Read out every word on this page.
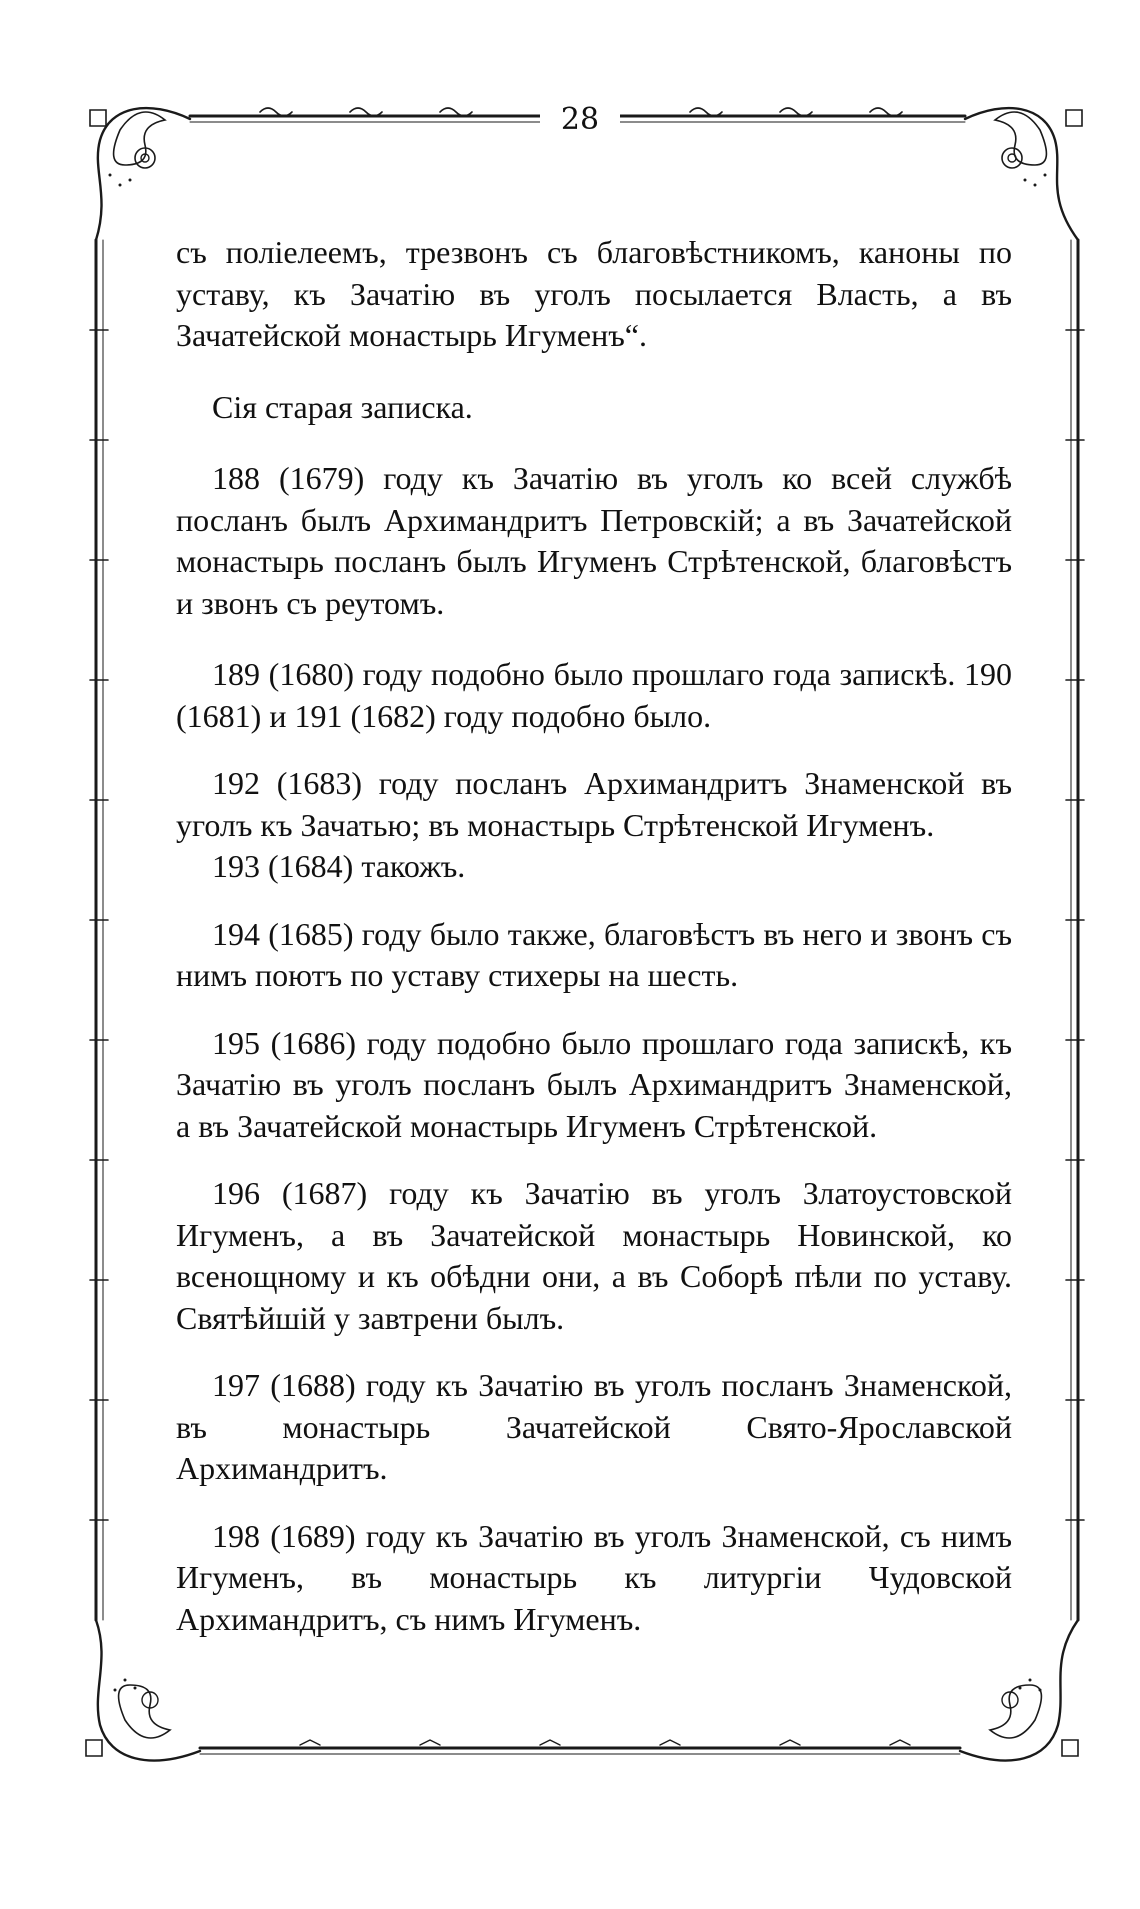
28

съ поліелеемъ, трезвонъ съ благовѣстникомъ, каноны по уставу, къ Зачатію въ уголъ посылается Власть, а въ Зачатейской монастырь Игуменъ“.

Сія старая записка.

188 (1679) году къ Зачатію въ уголъ ко всей службѣ посланъ былъ Архимандритъ Петровскій; а въ Зачатейской монастырь посланъ былъ Игуменъ Стрѣтенской, благовѣстъ и звонъ съ реутомъ.

189 (1680) году подобно было прошлаго года запискѣ. 190 (1681) и 191 (1682) году подобно было.

192 (1683) году посланъ Архимандритъ Знаменской въ уголъ къ Зачатью; въ монастырь Стрѣтенской Игуменъ.

193 (1684) такожъ.

194 (1685) году было также, благовѣстъ въ него и звонъ съ нимъ поютъ по уставу стихеры на шесть.

195 (1686) году подобно было прошлаго года запискѣ, къ Зачатію въ уголъ посланъ былъ Архимандритъ Знаменской, а въ Зачатейской монастырь Игуменъ Стрѣтенской.

196 (1687) году къ Зачатію въ уголъ Златоустовской Игуменъ, а въ Зачатейской монастырь Новинской, ко всенощному и къ обѣдни они, а въ Соборѣ пѣли по уставу. Святѣйшій у завтрени былъ.

197 (1688) году къ Зачатію въ уголъ посланъ Знаменской, въ монастырь Зачатейской Свято-Ярославской Архимандритъ.

198 (1689) году къ Зачатію въ уголъ Знаменской, съ нимъ Игуменъ, въ монастырь къ литургіи Чудовской Архимандритъ, съ нимъ Игуменъ.
